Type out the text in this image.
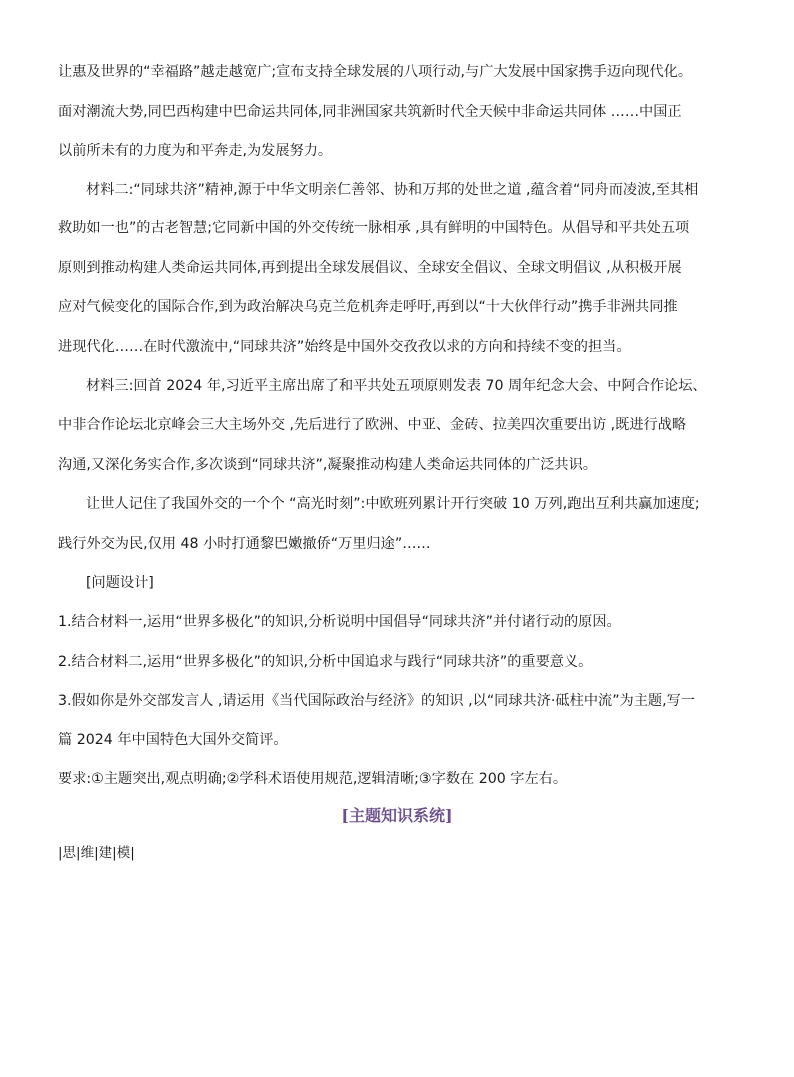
让惠及世界的“幸福路”越走越宽广;宣布支持全球发展的八项行动,与广大发展中国家携手迈向现代化。
面对潮流大势,同巴西构建中巴命运共同体,同非洲国家共筑新时代全天候中非命运共同体 ……中国正
以前所未有的力度为和平奔走,为发展努力。
材料二:“同球共济”精神,源于中华文明亲仁善邻、协和万邦的处世之道 ,蕴含着“同舟而凌波,至其相
救助如一也”的古老智慧;它同新中国的外交传统一脉相承 ,具有鲜明的中国特色。从倡导和平共处五项
原则到推动构建人类命运共同体,再到提出全球发展倡议、全球安全倡议、全球文明倡议 ,从积极开展
应对气候变化的国际合作,到为政治解决乌克兰危机奔走呼吁,再到以“十大伙伴行动”携手非洲共同推
进现代化……在时代激流中,“同球共济”始终是中国外交孜孜以求的方向和持续不变的担当。
材料三:回首 2024 年,习近平主席出席了和平共处五项原则发表 70 周年纪念大会、中阿合作论坛、
中非合作论坛北京峰会三大主场外交 ,先后进行了欧洲、中亚、金砖、拉美四次重要出访 ,既进行战略
沟通,又深化务实合作,多次谈到“同球共济”,凝聚推动构建人类命运共同体的广泛共识。
让世人记住了我国外交的一个个 “高光时刻”:中欧班列累计开行突破 10 万列,跑出互利共赢加速度;
践行外交为民,仅用 48 小时打通黎巴嫩撤侨“万里归途”……
[问题设计]
1.结合材料一,运用“世界多极化”的知识,分析说明中国倡导“同球共济”并付诸行动的原因。
2.结合材料二,运用“世界多极化”的知识,分析中国追求与践行“同球共济”的重要意义。
3.假如你是外交部发言人 ,请运用《当代国际政治与经济》的知识 ,以“同球共济·砥柱中流”为主题,写一
篇 2024 年中国特色大国外交简评。
要求:①主题突出,观点明确;②学科术语使用规范,逻辑清晰;③字数在 200 字左右。
[主题知识系统]
|思|维|建|模|
